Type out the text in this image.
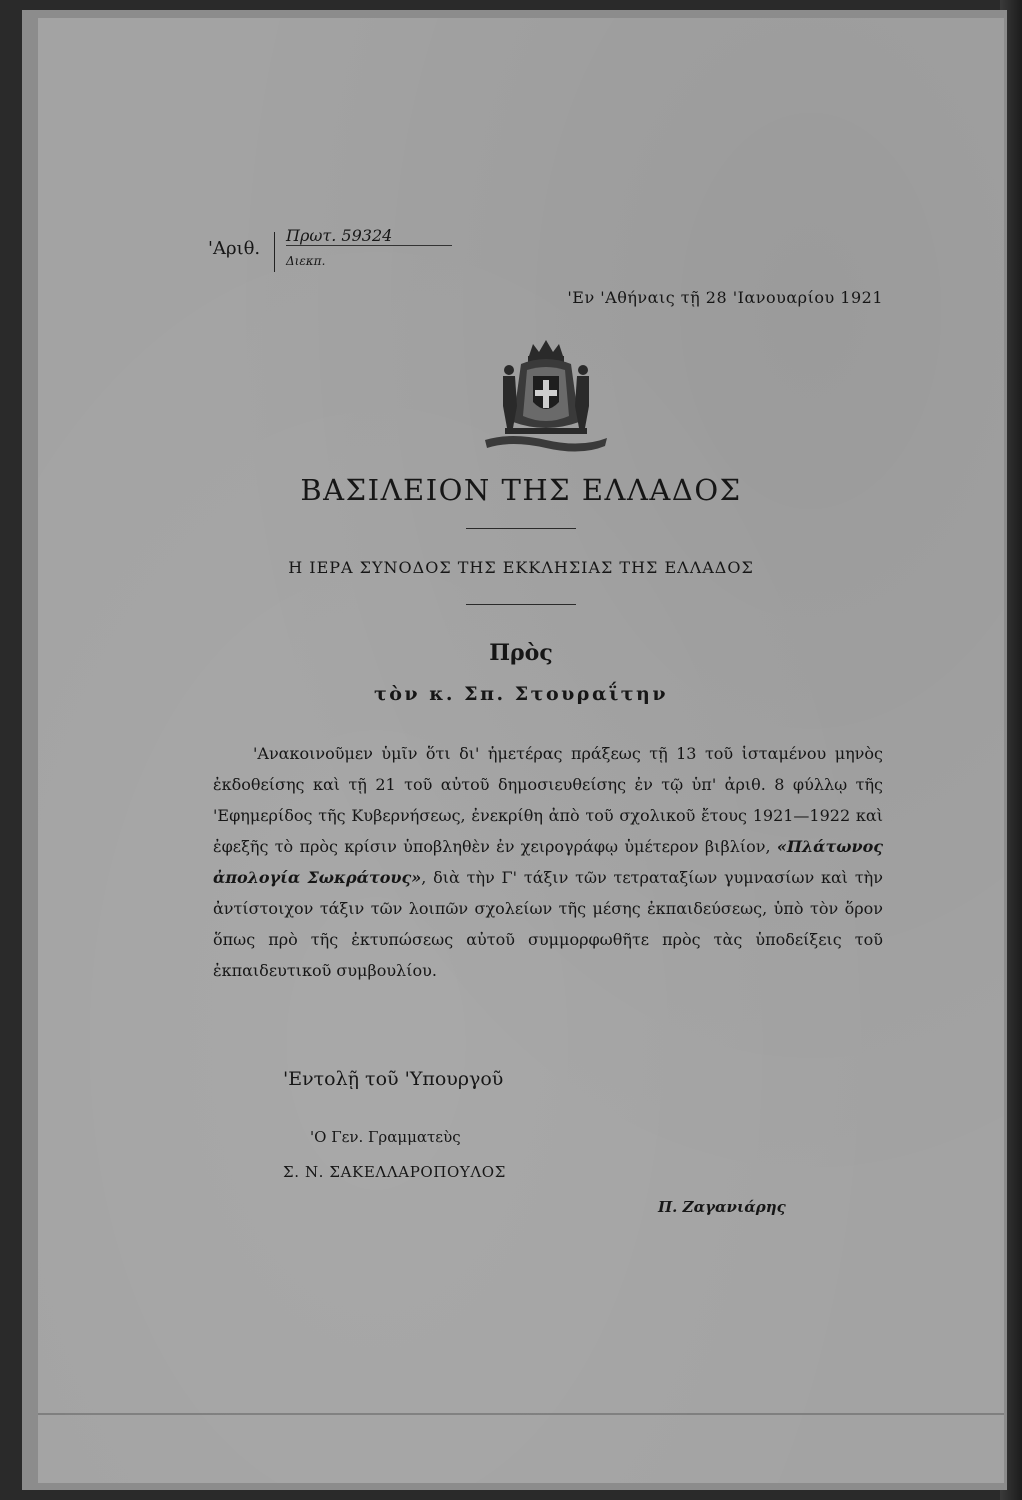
'Αριθ.
Πρωτ. 59324
Διεκπ.
'Εν 'Αθήναις τῇ 28 'Ιανουαρίου 1921
ΒΑΣΙΛΕΙΟΝ ΤΗΣ ΕΛΛΑΔΟΣ
Η ΙΕΡΑ ΣΥΝΟΔΟΣ ΤΗΣ ΕΚΚΛΗΣΙΑΣ ΤΗΣ ΕΛΛΑΔΟΣ
Πρὸς
τὸν κ. Σπ. Στουραΐτην

'Ανακοινοῦμεν ὑμῖν ὅτι δι' ἡμετέρας πράξεως τῇ 13 τοῦ ἱσταμένου μηνὸς ἐκδοθείσης καὶ τῇ 21 τοῦ αὐτοῦ δημοσιευθείσης ἐν τῷ ὑπ' ἀριθ. 8 φύλλῳ τῆς 'Εφημερίδος τῆς Κυβερνήσεως, ἐνεκρίθη ἀπὸ τοῦ σχολικοῦ ἔτους 1921—1922 καὶ ἐφεξῆς τὸ πρὸς κρίσιν ὑποβληθὲν ἐν χειρογράφῳ ὑμέτερον βιβλίον, «Πλάτωνος ἀπολογία Σωκράτους», διὰ τὴν Γ' τάξιν τῶν τετραταξίων γυμνασίων καὶ τὴν ἀντίστοιχον τάξιν τῶν λοιπῶν σχολείων τῆς μέσης ἐκπαιδεύσεως, ὑπὸ τὸν ὅρον ὅπως πρὸ τῆς ἐκτυπώσεως αὐτοῦ συμμορφωθῆτε πρὸς τὰς ὑποδείξεις τοῦ ἐκπαιδευτικοῦ συμβουλίου.

'Εντολῇ τοῦ 'Υπουργοῦ
'Ο Γεν. Γραμματεὺς
Σ. Ν. ΣΑΚΕΛΛΑΡΟΠΟΥΛΟΣ
Π. Ζαγανιάρης
